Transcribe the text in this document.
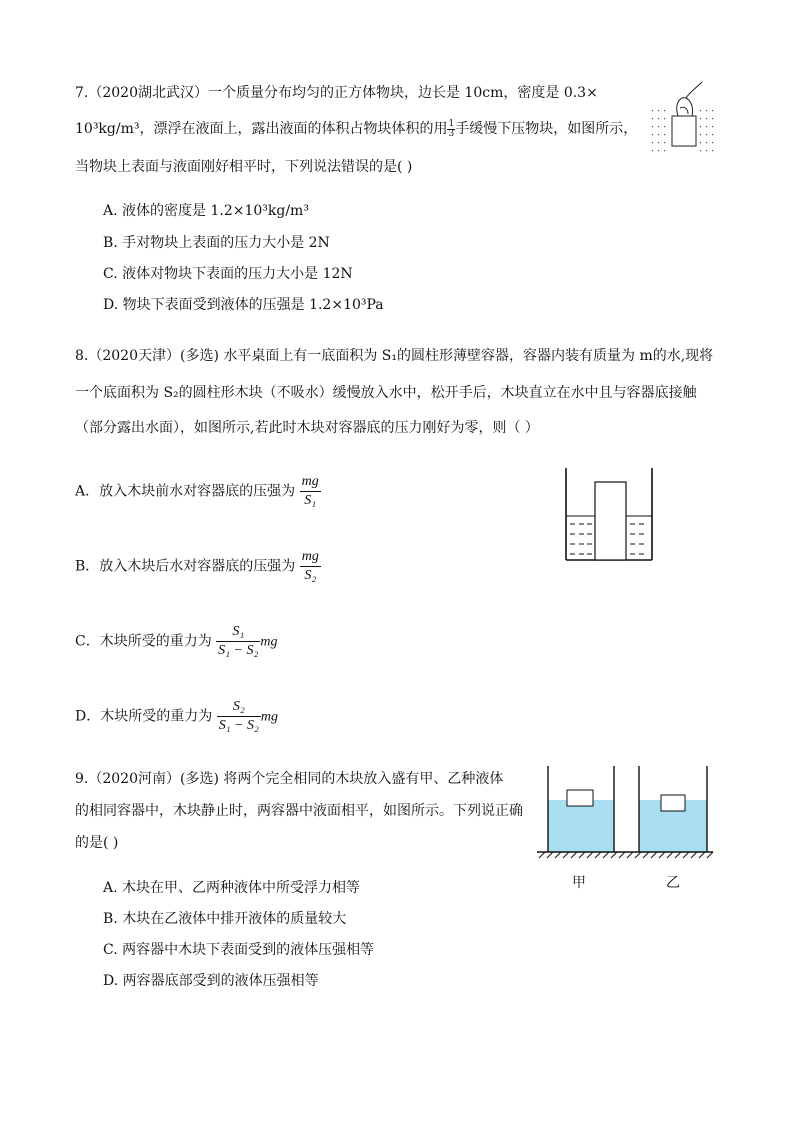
7.（2020湖北武汉）一个质量分布均匀的正方体物块，边长是 10cm，密度是 0.3×
10³kg/m³，漂浮在液面上，露出液面的体积占物块体积的用 $\frac{1}{3}$ 手缓慢下压物块，如图所示，
当物块上表面与液面刚好相平时，下列说法错误的是( )
A. 液体的密度是 1.2×10³kg/m³
B. 手对物块上表面的压力大小是 2N
C. 液体对物块下表面的压力大小是 12N
D. 物块下表面受到液体的压强是 1.2×10³Pa
8.（2020天津）(多选) 水平桌面上有一底面积为 S₁的圆柱形薄壁容器，容器内装有质量为 m的水,现将
一个底面积为 S₂的圆柱形木块（不吸水）缓慢放入水中，松开手后，木块直立在水中且与容器底接触
（部分露出水面），如图所示,若此时木块对容器底的压力刚好为零，则（ ）
A．放入木块前水对容器底的压强为 $\frac{mg}{\text{S₁}}$
B．放入木块后水对容器底的压强为 $\frac{mg}{\text{S₂}}$
C．木块所受的重力为 $\frac{\text{S₁}}{\text{S₁ − S₂}}$ mg
D．木块所受的重力为 $\frac{\text{S₂}}{\text{S₁ − S₂}}$ mg
9.（2020河南）(多选) 将两个完全相同的木块放入盛有甲、乙种液体
的相同容器中，木块静止时，两容器中液面相平，如图所示。下列说正确
的是( )
甲	乙
A. 木块在甲、乙两种液体中所受浮力相等
B. 木块在乙液体中排开液体的质量较大
C. 两容器中木块下表面受到的液体压强相等
D. 两容器底部受到的液体压强相等
